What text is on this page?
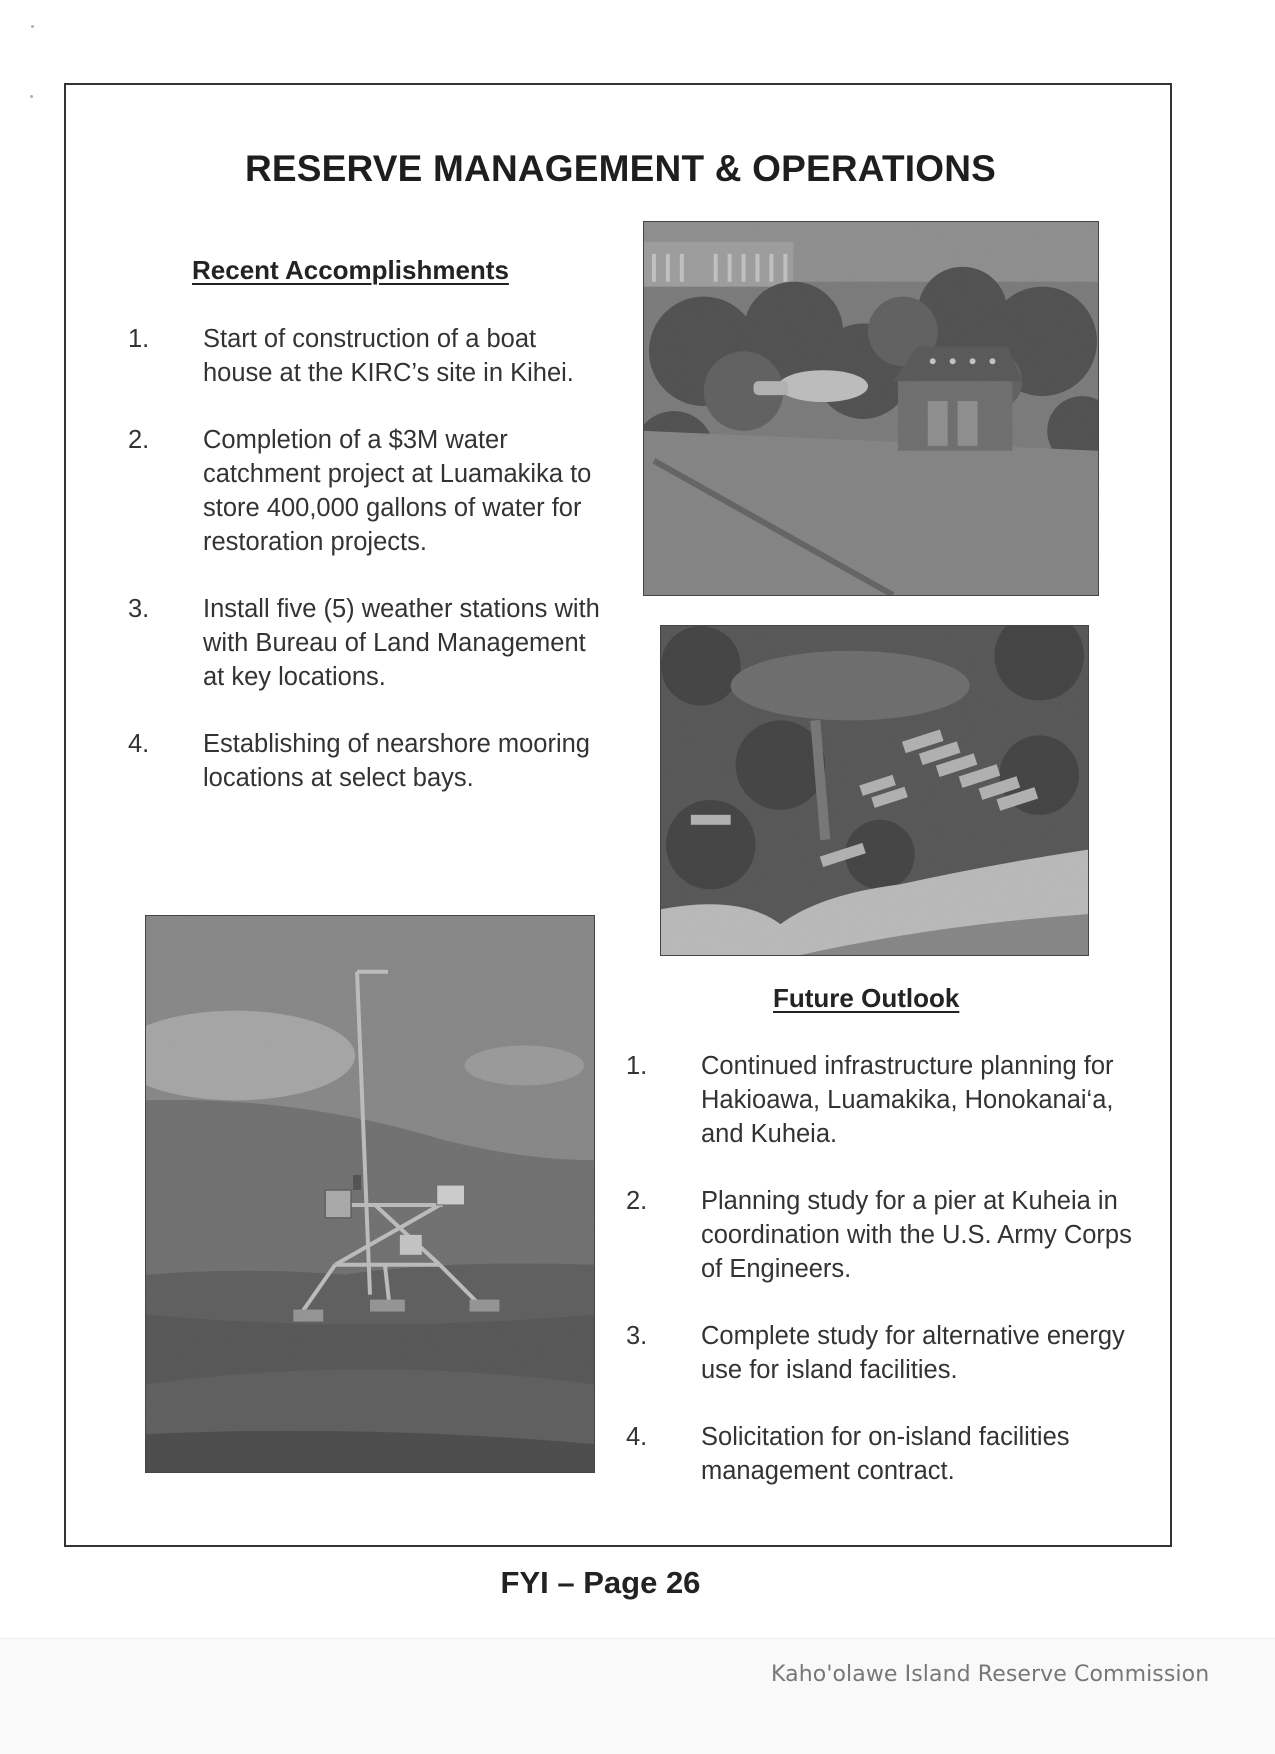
RESERVE MANAGEMENT & OPERATIONS
Recent Accomplishments
1.	Start of construction of a boat house at the KIRC’s site in Kihei.
2.	Completion of a $3M water catchment project at Luamakika to store 400,000 gallons of water for restoration projects.
3.	Install five (5) weather stations with with Bureau of Land Management at key locations.
4.	Establishing of nearshore mooring locations at select bays.
Future Outlook
1.	Continued infrastructure planning for Hakioawa, Luamakika, Honokanai‘a, and Kuheia.
2.	Planning study for a pier at Kuheia in coordination with the U.S. Army Corps of Engineers.
3.	Complete study for alternative energy use for island facilities.
4.	Solicitation for on-island facilities management contract.
FYI – Page 26
Kaho'olawe Island Reserve Commission
